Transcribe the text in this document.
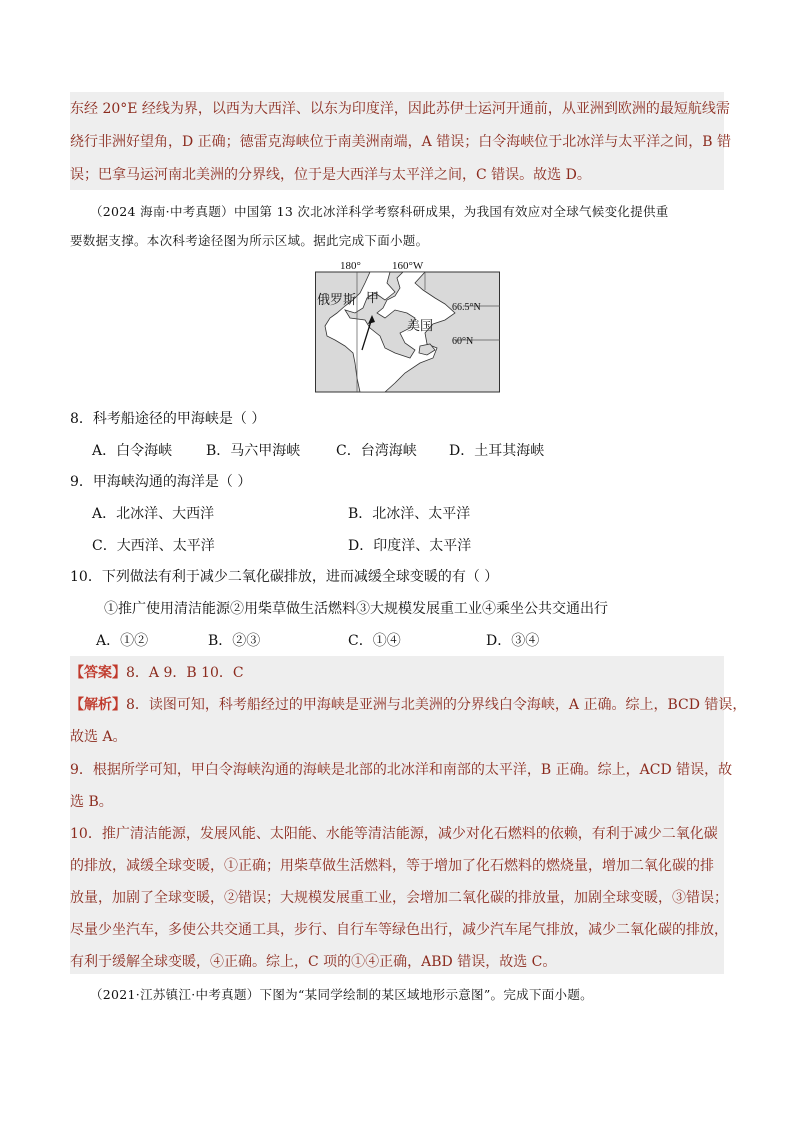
东经 20°E 经线为界，以西为大西洋、以东为印度洋，因此苏伊士运河开通前，从亚洲到欧洲的最短航线需
绕行非洲好望角，D 正确；德雷克海峡位于南美洲南端，A 错误；白令海峡位于北冰洋与太平洋之间，B 错
误；巴拿马运河南北美洲的分界线，位于是大西洋与太平洋之间，C 错误。故选 D。
（2024 海南·中考真题）中国第 13 次北冰洋科学考察科研成果，为我国有效应对全球气候变化提供重
要数据支撑。本次科考途径图为所示区域。据此完成下面小题。
180°	160°W
66.5°N
60°N
俄罗斯 甲
美国
8．科考船途径的甲海峡是（ ）
A．白令海峡 B．马六甲海峡	C．台湾海峡 D．土耳其海峡
9．甲海峡沟通的海洋是（ ）
A．北冰洋、大西洋	B．北冰洋、太平洋
C．大西洋、太平洋	D．印度洋、太平洋
10．下列做法有利于减少二氧化碳排放，进而减缓全球变暖的有（ ）
①推广使用清洁能源②用柴草做生活燃料③大规模发展重工业④乘坐公共交通出行
A．①②	B．②③	C．①④	D．③④
【答案】8．A 9．B 10．C
【解析】8．读图可知，科考船经过的甲海峡是亚洲与北美洲的分界线白令海峡，A 正确。综上，BCD 错误，
故选 A。
9．根据所学可知，甲白令海峡沟通的海峡是北部的北冰洋和南部的太平洋，B 正确。综上，ACD 错误，故
选 B。
10．推广清洁能源，发展风能、太阳能、水能等清洁能源，减少对化石燃料的依赖，有利于减少二氧化碳
的排放，减缓全球变暖，①正确；用柴草做生活燃料，等于增加了化石燃料的燃烧量，增加二氧化碳的排
放量，加剧了全球变暖，②错误；大规模发展重工业，会增加二氧化碳的排放量，加剧全球变暖，③错误；
尽量少坐汽车，多使公共交通工具，步行、自行车等绿色出行，减少汽车尾气排放，减少二氧化碳的排放，
有利于缓解全球变暖，④正确。综上，C 项的①④正确，ABD 错误，故选 C。
（2021·江苏镇江·中考真题）下图为“某同学绘制的某区域地形示意图”。完成下面小题。
